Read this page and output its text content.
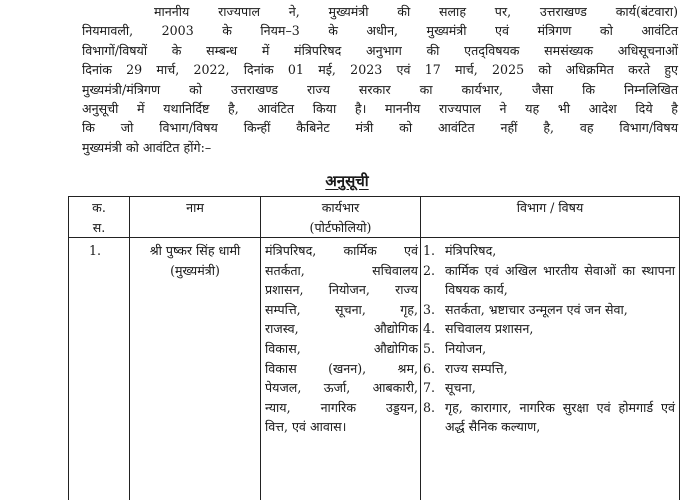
माननीय राज्यपाल ने, मुख्यमंत्री की सलाह पर, उत्तराखण्ड कार्य(बंटवारा)
नियमावली, 2003 के नियम–3 के अधीन, मुख्यमंत्री एवं मंत्रिगण को आवंटित
विभागों/विषयों के सम्बन्ध में मंत्रिपरिषद अनुभाग की एतद्‌विषयक समसंख्यक अधिसूचनाओं
दिनांक 29 मार्च, 2022, दिनांक 01 मई, 2023 एवं 17 मार्च, 2025 को अधिक्रमित करते हुए
मुख्यमंत्री/मंत्रिगण को उत्तराखण्ड राज्य सरकार का कार्यभार, जैसा कि निम्नलिखित
अनुसूची में यथानिर्दिष्ट है, आवंटित किया है। माननीय राज्यपाल ने यह भी आदेश दिये है
कि जो विभाग/विषय किन्हीं कैबिनेट मंत्री को आवंटित नहीं है, वह विभाग/विषय
मुख्यमंत्री को आवंटित होंगे:–
अनुसूची
क.
स.
नाम	कार्यभार
(पोर्टफोलियो)
विभाग / विषय
1.	श्री पुष्कर सिंह धामी
(मुख्यमंत्री)
मंत्रिपरिषद, कार्मिक एवं
सतर्कता, सचिवालय
प्रशासन, नियोजन, राज्य
सम्पत्ति, सूचना, गृह,
राजस्व, औद्योगिक
विकास, औद्योगिक
विकास (खनन), श्रम,
पेयजल, ऊर्जा, आबकारी,
न्याय, नागरिक उड्डयन,
वित्त, एवं आवास।
1. मंत्रिपरिषद,
2. कार्मिक एवं अखिल भारतीय सेवाओं का स्थापना विषयक कार्य,
3. सतर्कता, भ्रष्टाचार उन्मूलन एवं जन सेवा,
4. सचिवालय प्रशासन,
5. नियोजन,
6. राज्य सम्पत्ति,
7. सूचना,
8. गृह, कारागार, नागरिक सुरक्षा एवं होमगार्ड एवं अर्द्ध सैनिक कल्याण,
